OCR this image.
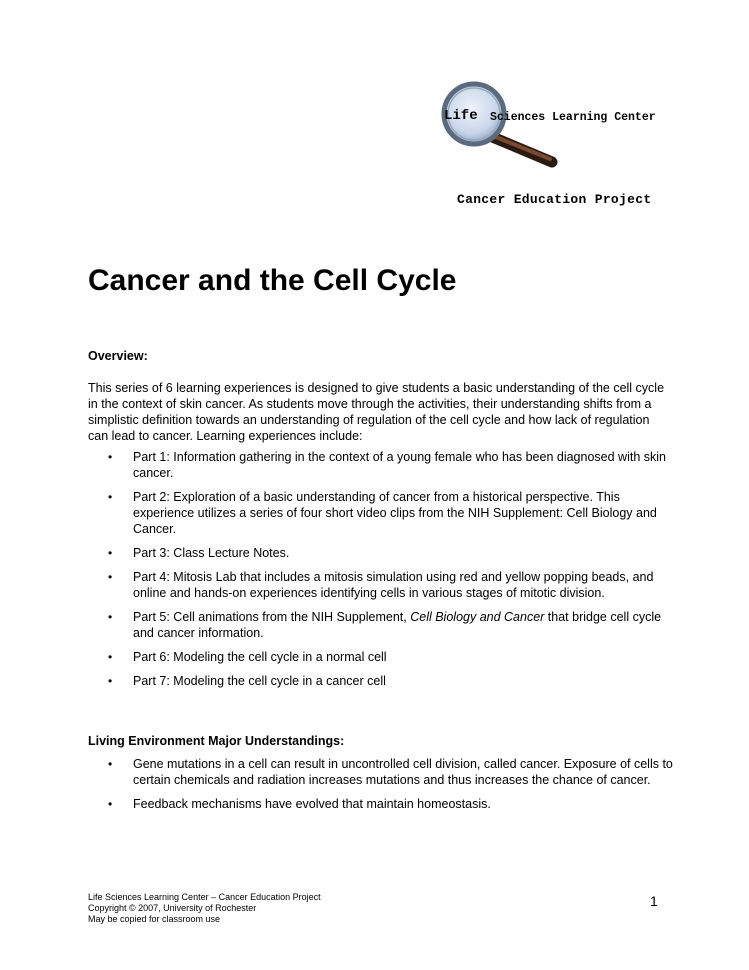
Life Sciences Learning Center
Cancer Education Project
Cancer and the Cell Cycle
Overview:

This series of 6 learning experiences is designed to give students a basic understanding of the cell cycle in the context of skin cancer. As students move through the activities, their understanding shifts from a simplistic definition towards an understanding of regulation of the cell cycle and how lack of regulation can lead to cancer. Learning experiences include:

• Part 1: Information gathering in the context of a young female who has been diagnosed with skin cancer.
• Part 2: Exploration of a basic understanding of cancer from a historical perspective. This experience utilizes a series of four short video clips from the NIH Supplement: Cell Biology and Cancer.
• Part 3: Class Lecture Notes.
• Part 4: Mitosis Lab that includes a mitosis simulation using red and yellow popping beads, and online and hands-on experiences identifying cells in various stages of mitotic division.
• Part 5: Cell animations from the NIH Supplement, Cell Biology and Cancer that bridge cell cycle and cancer information.
• Part 6: Modeling the cell cycle in a normal cell
• Part 7: Modeling the cell cycle in a cancer cell
Living Environment Major Understandings:
• Gene mutations in a cell can result in uncontrolled cell division, called cancer. Exposure of cells to certain chemicals and radiation increases mutations and thus increases the chance of cancer.
• Feedback mechanisms have evolved that maintain homeostasis.
Life Sciences Learning Center – Cancer Education Project
Copyright © 2007, University of Rochester
May be copied for classroom use
1
